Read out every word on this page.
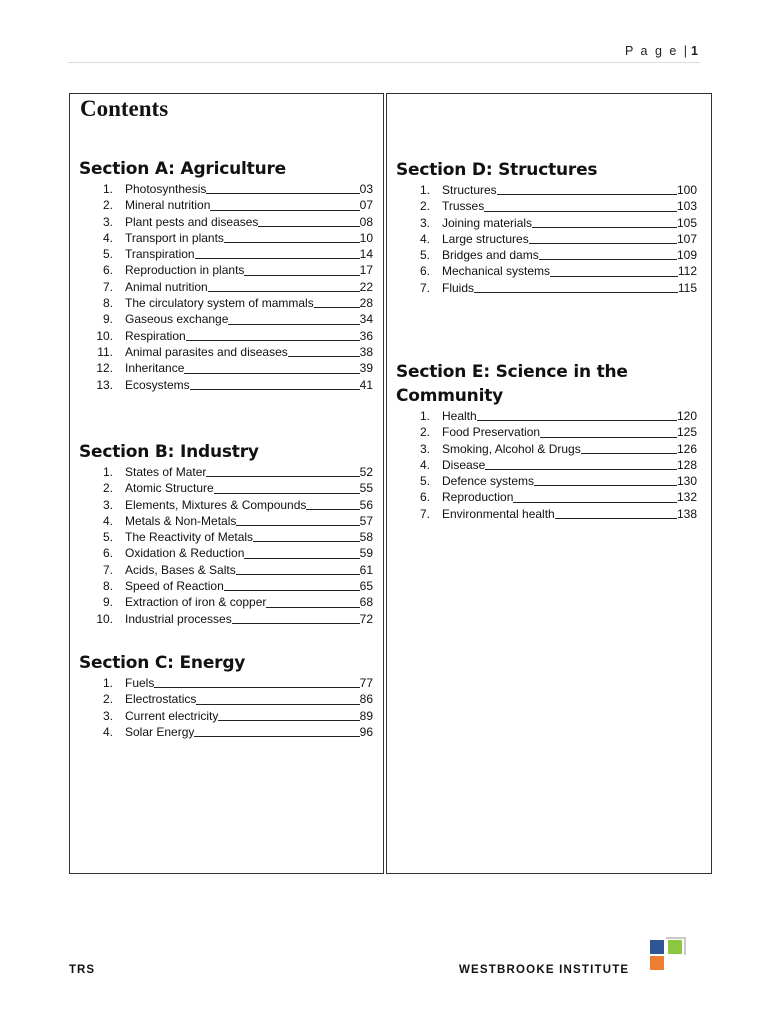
P a g e | 1
Contents
Section A: Agriculture
1. Photosynthesis	03
2. Mineral nutrition	07
3. Plant pests and diseases	08
4. Transport in plants	10
5. Transpiration	14
6. Reproduction in plants	17
7. Animal nutrition	22
8. The circulatory system of mammals	28
9. Gaseous exchange	34
10. Respiration	36
11. Animal parasites and diseases	38
12. Inheritance	39
13. Ecosystems	41
Section B: Industry
1. States of Mater	52
2. Atomic Structure	55
3. Elements, Mixtures & Compounds	56
4. Metals & Non-Metals	57
5. The Reactivity of Metals	58
6. Oxidation & Reduction	59
7. Acids, Bases & Salts	61
8. Speed of Reaction	65
9. Extraction of iron & copper	68
10. Industrial processes	72
Section C: Energy
1. Fuels	77
2. Electrostatics	86
3. Current electricity	89
4. Solar Energy	96
Section D: Structures
1. Structures	100
2. Trusses	103
3. Joining materials	105
4. Large structures	107
5. Bridges and dams	109
6. Mechanical systems	112
7. Fluids	115
Section E: Science in the
Community
1. Health	120
2. Food Preservation	125
3. Smoking, Alcohol & Drugs	126
4. Disease	128
5. Defence systems	130
6. Reproduction	132
7. Environmental health	138
TRS	WESTBROOKE INSTITUTE
